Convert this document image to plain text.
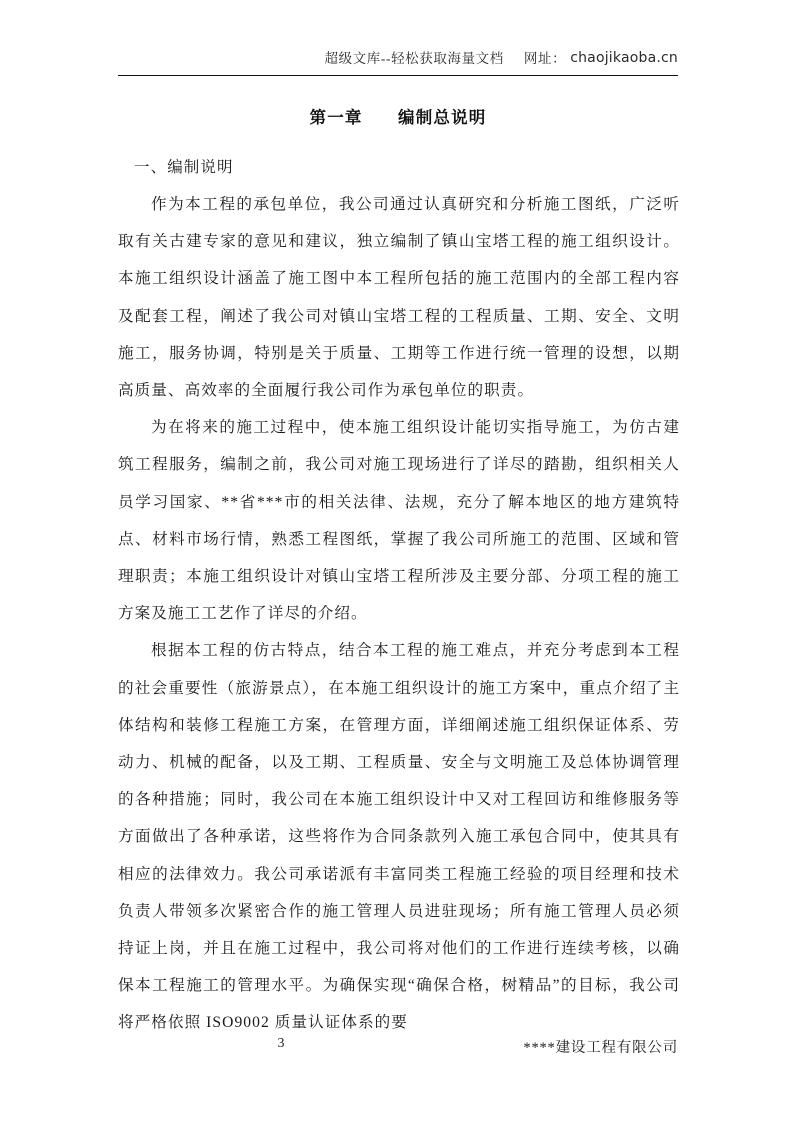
超级文库--轻松获取海量文档 网址： chaojikaoba.cn
第一章　　编制总说明
一、编制说明

作为本工程的承包单位，我公司通过认真研究和分析施工图纸，广泛听取有关古建专家的意见和建议，独立编制了镇山宝塔工程的施工组织设计。本施工组织设计涵盖了施工图中本工程所包括的施工范围内的全部工程内容及配套工程，阐述了我公司对镇山宝塔工程的工程质量、工期、安全、文明施工，服务协调，特别是关于质量、工期等工作进行统一管理的设想，以期高质量、高效率的全面履行我公司作为承包单位的职责。

为在将来的施工过程中，使本施工组织设计能切实指导施工，为仿古建筑工程服务，编制之前，我公司对施工现场进行了详尽的踏勘，组织相关人员学习国家、**省***市的相关法律、法规，充分了解本地区的地方建筑特点、材料市场行情，熟悉工程图纸，掌握了我公司所施工的范围、区域和管理职责；本施工组织设计对镇山宝塔工程所涉及主要分部、分项工程的施工方案及施工工艺作了详尽的介绍。

根据本工程的仿古特点，结合本工程的施工难点，并充分考虑到本工程的社会重要性（旅游景点），在本施工组织设计的施工方案中，重点介绍了主体结构和装修工程施工方案，在管理方面，详细阐述施工组织保证体系、劳动力、机械的配备，以及工期、工程质量、安全与文明施工及总体协调管理的各种措施；同时，我公司在本施工组织设计中又对工程回访和维修服务等方面做出了各种承诺，这些将作为合同条款列入施工承包合同中，使其具有相应的法律效力。我公司承诺派有丰富同类工程施工经验的项目经理和技术负责人带领多次紧密合作的施工管理人员进驻现场；所有施工管理人员必须持证上岗，并且在施工过程中，我公司将对他们的工作进行连续考核，以确保本工程施工的管理水平。为确保实现“确保合格，树精品”的目标，我公司将严格依照 ISO9002 质量认证体系的要

3	****建设工程有限公司
